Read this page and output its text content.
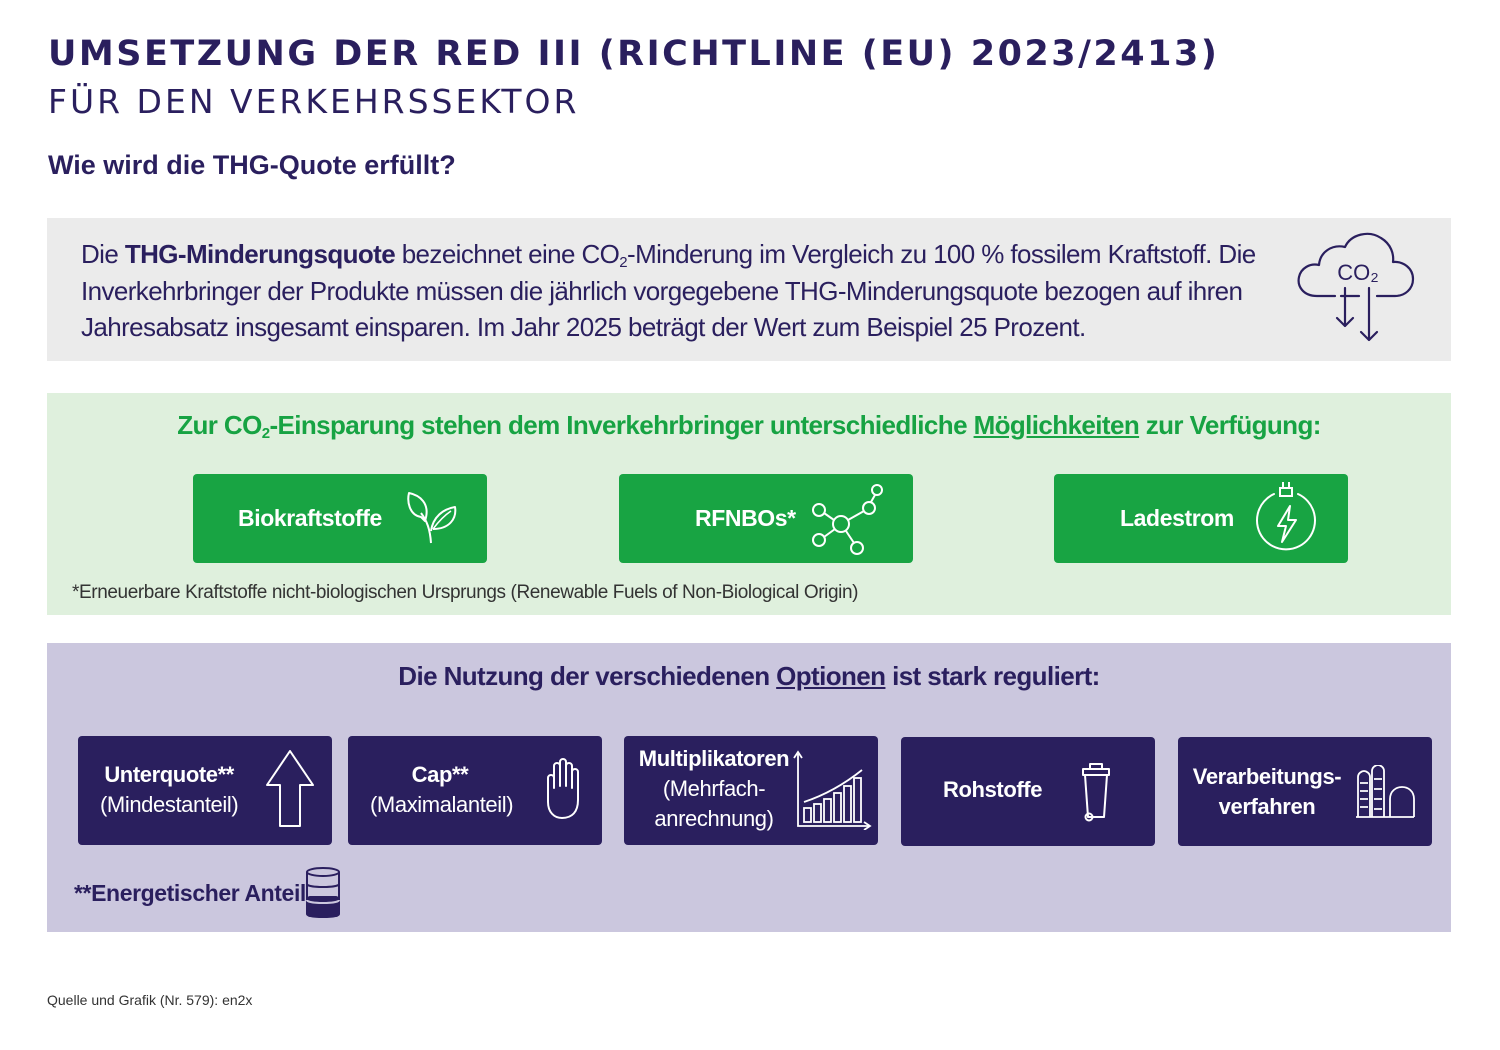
UMSETZUNG DER RED III (RICHTLINE (EU) 2023/2413)
FÜR DEN VERKEHRSSEKTOR
Wie wird die THG-Quote erfüllt?

Die THG-Minderungsquote bezeichnet eine $CO_2$-Minderung im Vergleich zu 100 % fossilem Kraftstoff. Die Inverkehrbringer der Produkte müssen die jährlich vorgegebene THG-Minderungsquote bezogen auf ihren Jahresabsatz insgesamt einsparen. Im Jahr 2025 beträgt der Wert zum Beispiel 25 Prozent.

CO₂

Zur $CO_2$-Einsparung stehen dem Inverkehrbringer unterschiedliche Möglichkeiten zur Verfügung:

Biokraftstoffe	RFNBOs*	Ladestrom

*Erneuerbare Kraftstoffe nicht-biologischen Ursprungs (Renewable Fuels of Non-Biological Origin)

Die Nutzung der verschiedenen Optionen ist stark reguliert:

Unterquote**
(Mindestanteil)
Cap**
(Maximalanteil)
Multiplikatoren
(Mehrfach-
anrechnung)
Rohstoffe
Verarbeitungs-
verfahren

**Energetischer Anteil

Quelle und Grafik (Nr. 579): en2x
